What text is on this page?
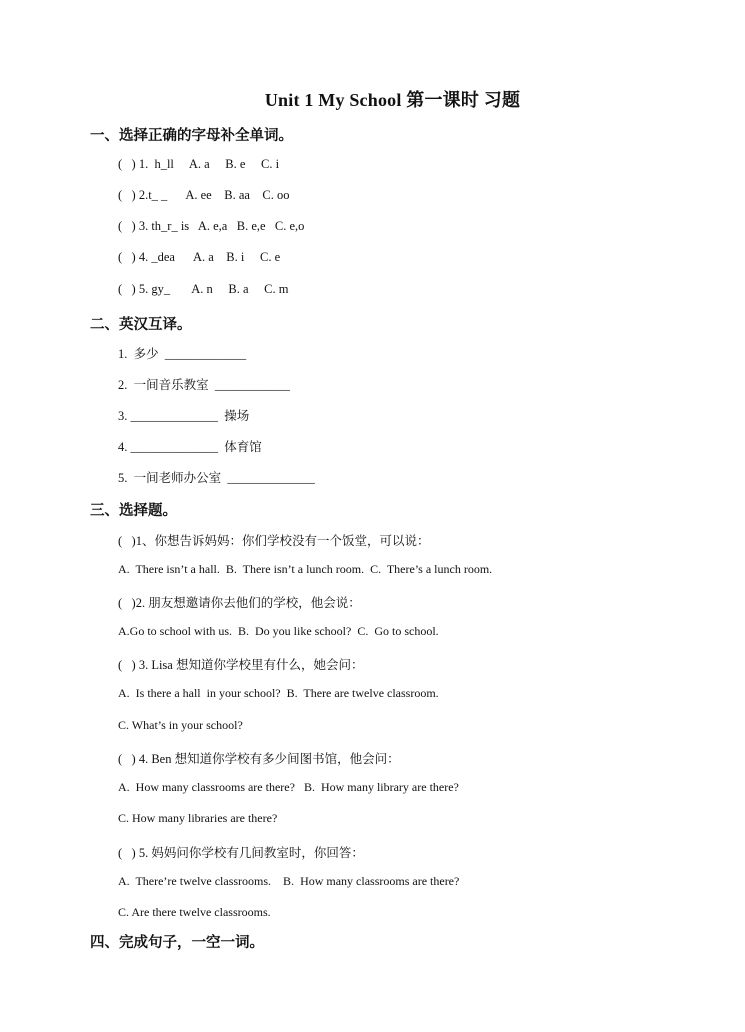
Unit 1 My School 第一课时 习题
一、选择正确的字母补全单词。
(   ) 1.  h_ll     A. a     B. e     C. i
(   ) 2.t_ _      A. ee    B. aa    C. oo
(   ) 3. th_r_ is   A. e,a   B. e,e   C. e,o
(   ) 4. _dea      A. a    B. i     C. e
(   ) 5. gy_       A. n     B. a     C. m
二、英汉互译。
1.  多少  _____________
2.  一间音乐教室  ____________
3. ______________  操场
4. ______________  体育馆
5.  一间老师办公室  ______________
三、选择题。
(   )1、你想告诉妈妈：你们学校没有一个饭堂，可以说：
A.  There isn’t a hall.  B.  There isn’t a lunch room.  C.  There’s a lunch room.
(   )2. 朋友想邀请你去他们的学校，他会说：
A.Go to school with us.  B.  Do you like school?  C.  Go to school.
(   ) 3. Lisa 想知道你学校里有什么，她会问：
A.  Is there a hall  in your school?  B.  There are twelve classroom.
C. What’s in your school?
(   ) 4. Ben 想知道你学校有多少间图书馆，他会问：
A.  How many classrooms are there?   B.  How many library are there?
C. How many libraries are there?
(   ) 5. 妈妈问你学校有几间教室时，你回答：
A.  There’re twelve classrooms.    B.  How many classrooms are there?
C. Are there twelve classrooms.
四、完成句子，一空一词。
